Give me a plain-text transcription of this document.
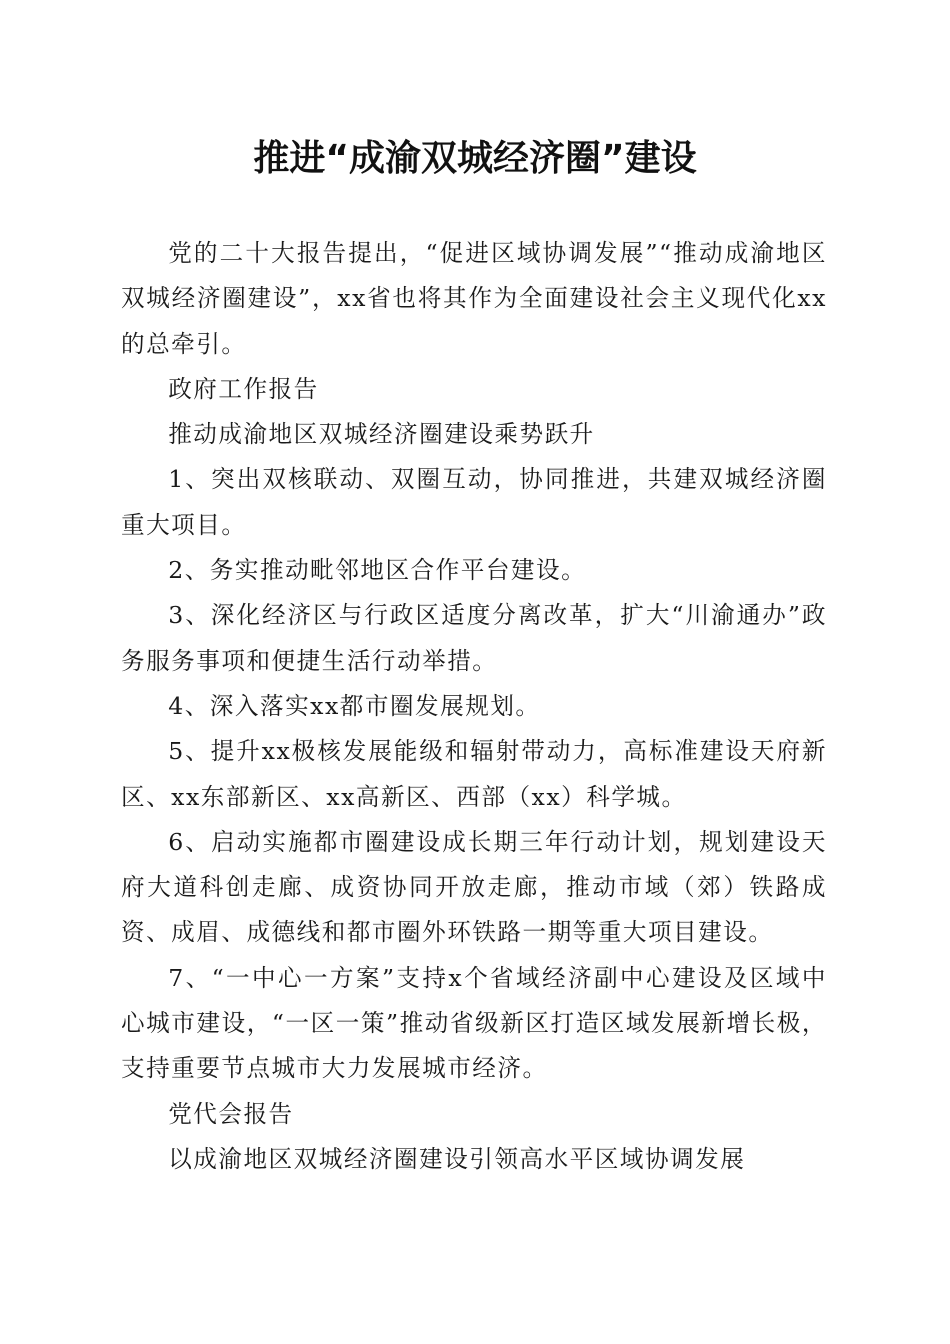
推进“成渝双城经济圈”建设

党的二十大报告提出，“促进区域协调发展”“推动成渝地区双城经济圈建设”，xx省也将其作为全面建设社会主义现代化xx的总牵引。

政府工作报告

推动成渝地区双城经济圈建设乘势跃升

1、突出双核联动、双圈互动，协同推进，共建双城经济圈重大项目。

2、务实推动毗邻地区合作平台建设。

3、深化经济区与行政区适度分离改革，扩大“川渝通办”政务服务事项和便捷生活行动举措。

4、深入落实xx都市圈发展规划。

5、提升xx极核发展能级和辐射带动力，高标准建设天府新区、xx东部新区、xx高新区、西部（xx）科学城。

6、启动实施都市圈建设成长期三年行动计划，规划建设天府大道科创走廊、成资协同开放走廊，推动市域（郊）铁路成资、成眉、成德线和都市圈外环铁路一期等重大项目建设。

7、“一中心一方案”支持x个省域经济副中心建设及区域中心城市建设，“一区一策”推动省级新区打造区域发展新增长极，支持重要节点城市大力发展城市经济。

党代会报告

以成渝地区双城经济圈建设引领高水平区域协调发展
